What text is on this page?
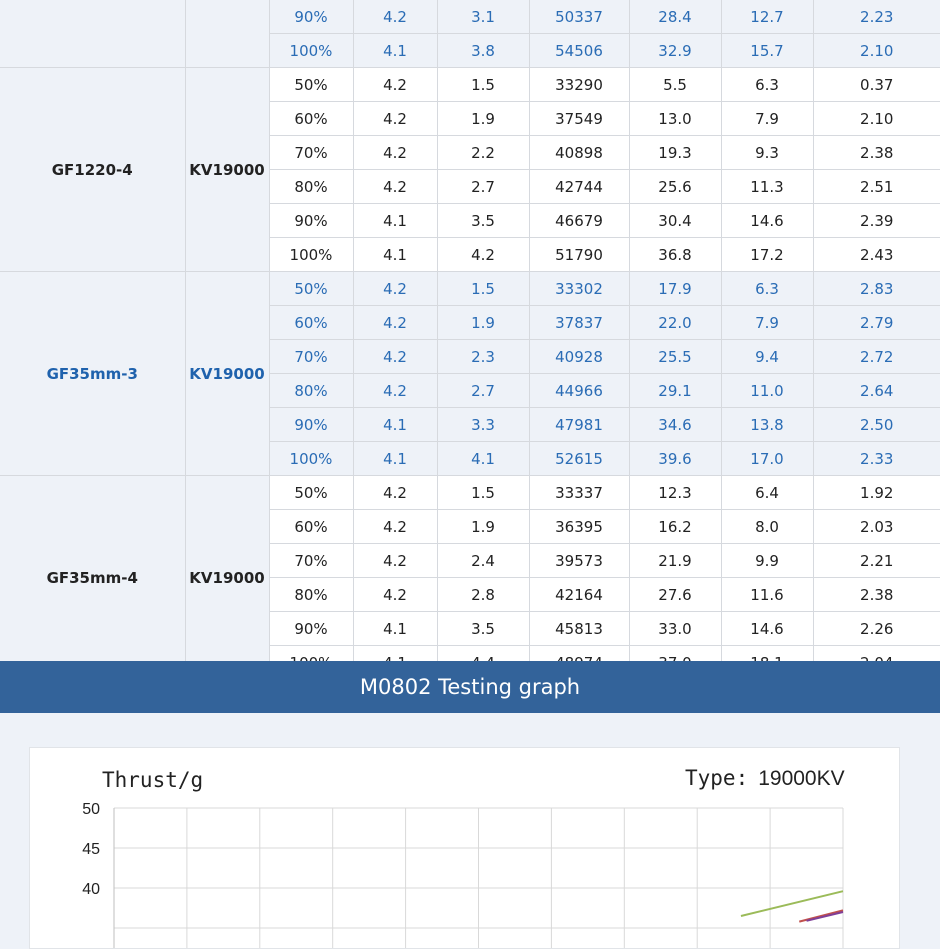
		90%	4.2	3.1	50337	28.4	12.7	2.23
		100%	4.1	3.8	54506	32.9	15.7	2.10
GF1220-4	KV19000	50%	4.2	1.5	33290	5.5	6.3	0.37
		60%	4.2	1.9	37549	13.0	7.9	2.10
		70%	4.2	2.2	40898	19.3	9.3	2.38
		80%	4.2	2.7	42744	25.6	11.3	2.51
		90%	4.1	3.5	46679	30.4	14.6	2.39
		100%	4.1	4.2	51790	36.8	17.2	2.43
GF35mm-3	KV19000	50%	4.2	1.5	33302	17.9	6.3	2.83
		60%	4.2	1.9	37837	22.0	7.9	2.79
		70%	4.2	2.3	40928	25.5	9.4	2.72
		80%	4.2	2.7	44966	29.1	11.0	2.64
		90%	4.1	3.3	47981	34.6	13.8	2.50
		100%	4.1	4.1	52615	39.6	17.0	2.33
GF35mm-4	KV19000	50%	4.2	1.5	33337	12.3	6.4	1.92
		60%	4.2	1.9	36395	16.2	8.0	2.03
		70%	4.2	2.4	39573	21.9	9.9	2.21
		80%	4.2	2.8	42164	27.6	11.6	2.38
		90%	4.1	3.5	45813	33.0	14.6	2.26

M0802 Testing graph
Thrust/g	Type: 19000KV
50
45
40
